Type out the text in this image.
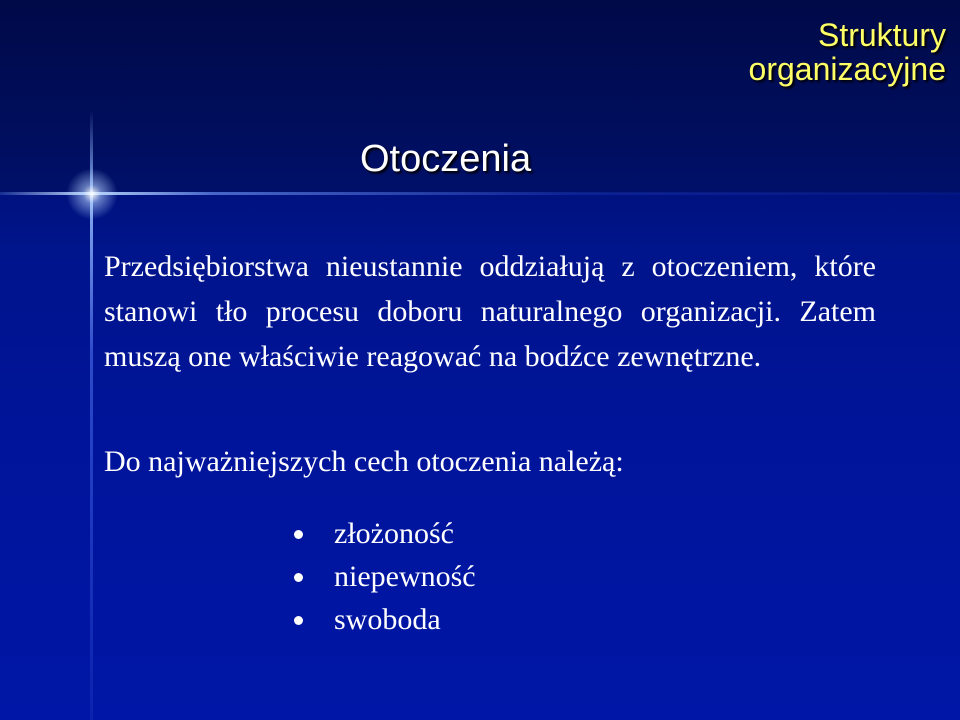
Struktury
organizacyjne
Otoczenia
Przedsiębiorstwa nieustannie oddziałują z otoczeniem, które stanowi tło procesu doboru naturalnego organizacji. Zatem muszą one właściwie reagować na bodźce zewnętrzne.
Do najważniejszych cech otoczenia należą:
złożoność
niepewność
swoboda
